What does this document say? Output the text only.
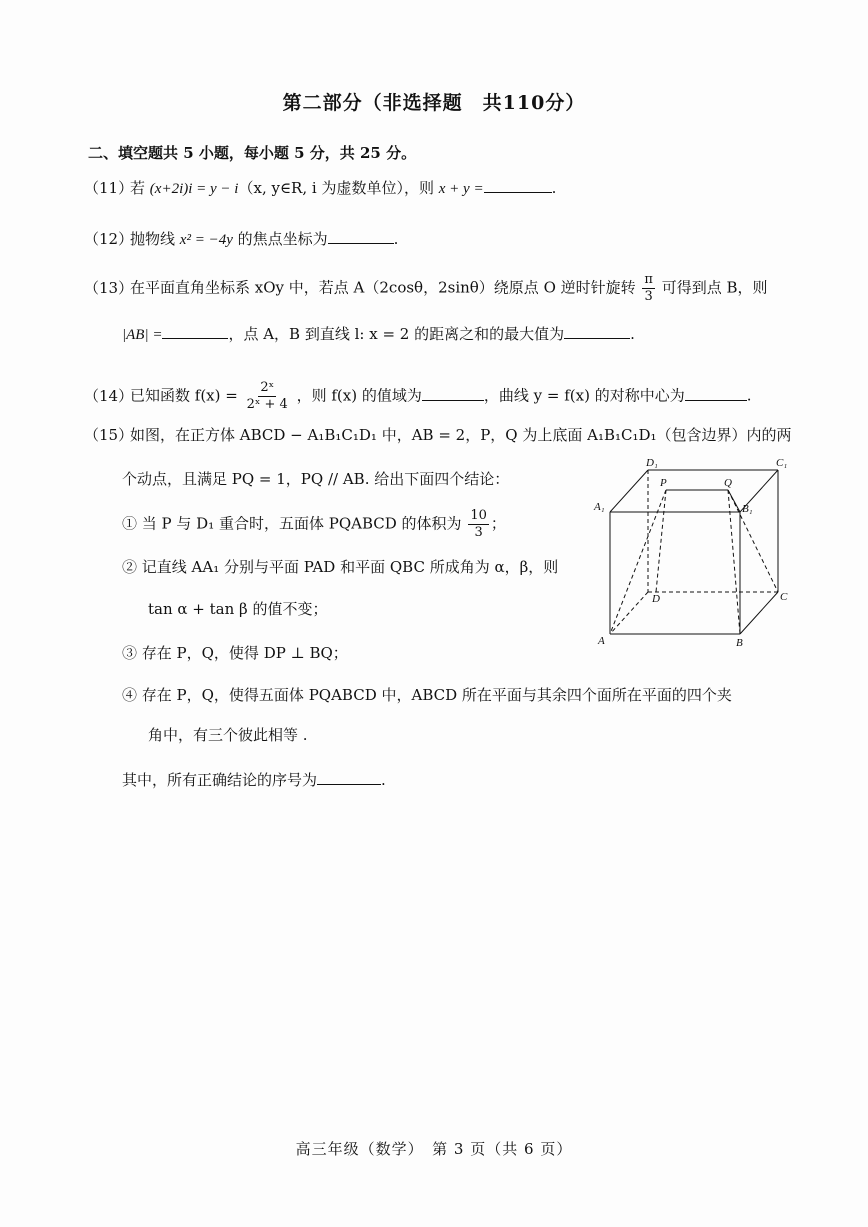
第二部分（非选择题　共110分）
二、填空题共 5 小题，每小题 5 分，共 25 分。
（11）若 (x+2i)i = y − i（x, y∈R, i 为虚数单位），则 x + y =	.
（12）抛物线 x² = −4y 的焦点坐标为	.
（13）在平面直角坐标系 xOy 中，若点 A（2cosθ，2sinθ）绕原点 O 逆时针旋转 $\frac{\pi}{3}$ 可得到点 B，则
|AB| =	，点 A，B 到直线 l: x = 2 的距离之和的最大值为	.
（14）已知函数 $f(x) = \frac{\text{2ˣ}}{\text{2ˣ + 4}}$ ，则 f(x) 的值域为	，曲线 y = f(x) 的对称中心为	.
（15）如图，在正方体 ABCD − A₁B₁C₁D₁ 中，AB = 2，P，Q 为上底面 A₁B₁C₁D₁（包含边界）内的两
个动点，且满足 PQ = 1，PQ // AB. 给出下面四个结论：
① 当 P 与 D₁ 重合时，五面体 PQABCD 的体积为 $\frac{10}{3}$ ；
② 记直线 AA₁ 分别与平面 PAD 和平面 QBC 所成角为 α，β，则
tan α + tan β 的值不变；
③ 存在 P，Q，使得 DP ⊥ BQ；
④ 存在 P，Q，使得五面体 PQABCD 中，ABCD 所在平面与其余四个面所在平面的四个夹
角中，有三个彼此相等 .
其中，所有正确结论的序号为	.
D₁	C₁
A₁	B₁
P	Q
D	C
A	B
高三年级（数学）　第 3 页（共 6 页）
